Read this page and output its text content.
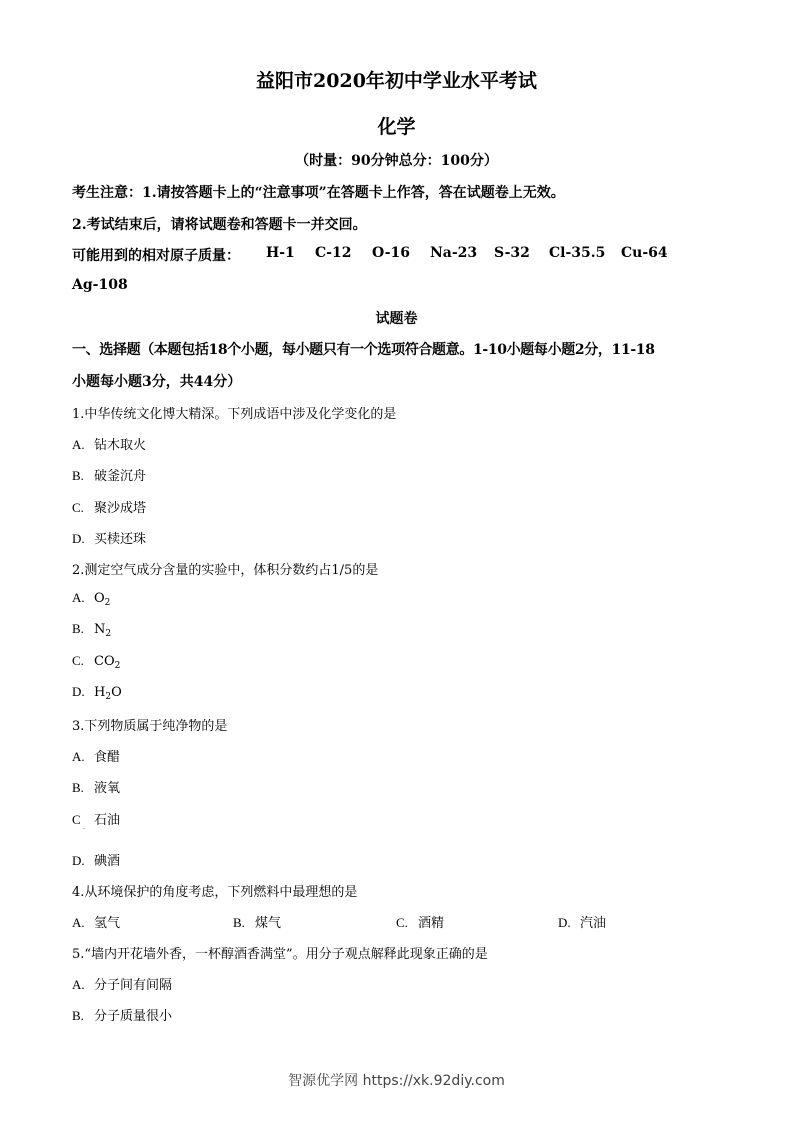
益阳市2020年初中学业水平考试
化学
（时量：90分钟总分：100分）
考生注意：1.请按答题卡上的“注意事项”在答题卡上作答，答在试题卷上无效。
2.考试结束后，请将试题卷和答题卡一并交回。
可能用到的相对原子质量： H-1 C-12 O-16 Na-23 S-32 Cl-35.5 Cu-64
Ag-108
试题卷
一、选择题（本题包括18个小题，每小题只有一个选项符合题意。1-10小题每小题2分，11-18
小题每小题3分，共44分）
1.中华传统文化博大精深。下列成语中涉及化学变化的是
A. 钻木取火
B. 破釜沉舟
C. 聚沙成塔
D. 买椟还珠
2.测定空气成分含量的实验中，体积分数约占1/5的是
A. $O_2$
B. $N_2$
C. $CO_2$
D. $H_2O$
3.下列物质属于纯净物的是
A. 食醋
B. 液氧
C 石油
·
D. 碘酒
4.从环境保护的角度考虑，下列燃料中最理想的是
A. 氢气	B. 煤气	C. 酒精	D. 汽油
5.“墙内开花墙外香，一杯醇酒香满堂”。用分子观点解释此现象正确的是
A. 分子间有间隔
B. 分子质量很小
智源优学网 https://xk.92diy.com
